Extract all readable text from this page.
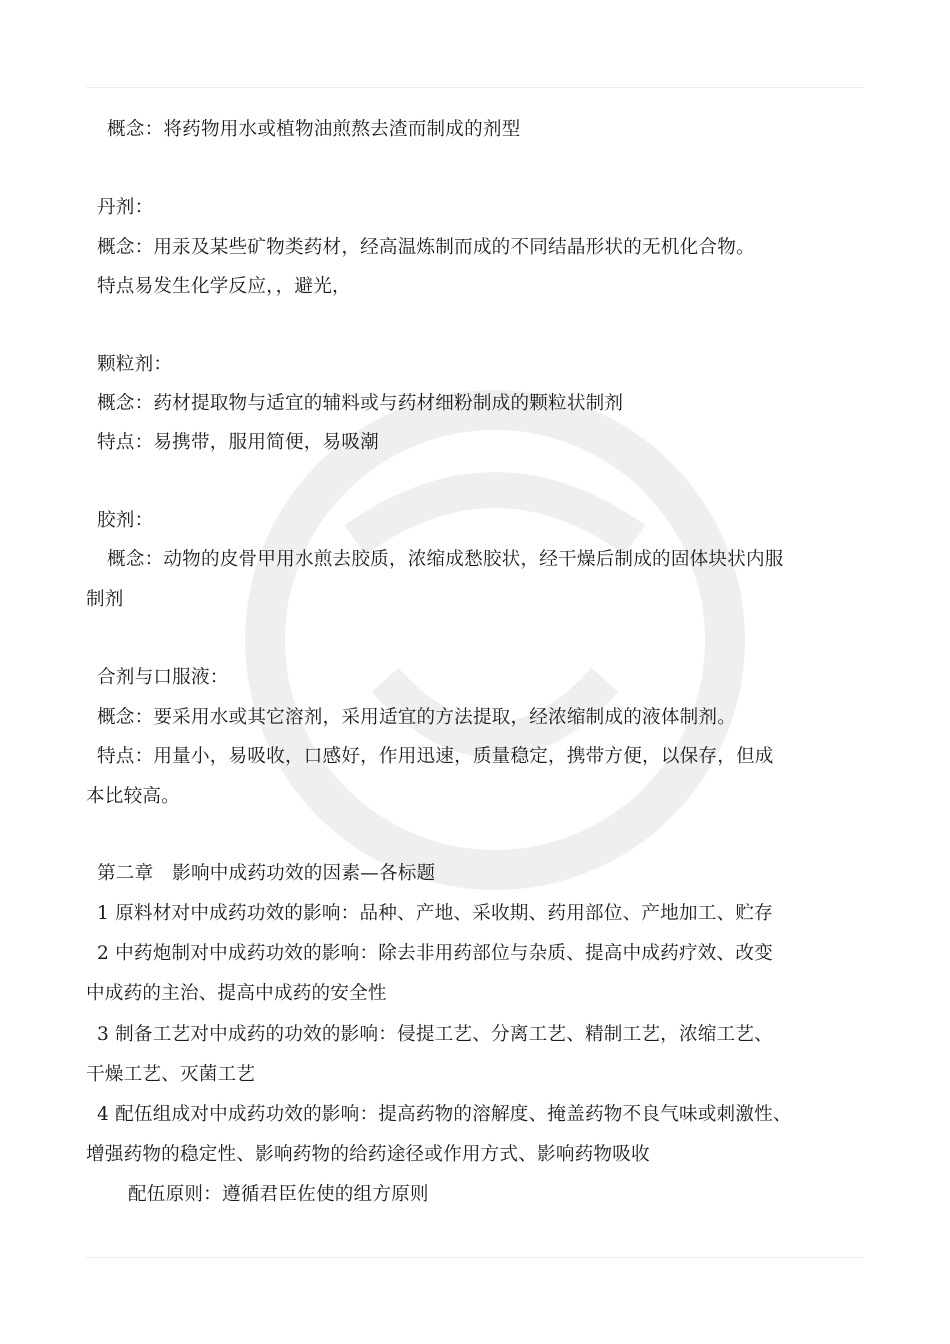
概念：将药物用水或植物油煎熬去渣而制成的剂型
丹剂：
概念：用汞及某些矿物类药材，经高温炼制而成的不同结晶形状的无机化合物。
特点易发生化学反应，，避光，
颗粒剂：
概念：药材提取物与适宜的辅料或与药材细粉制成的颗粒状制剂
特点：易携带，服用简便，易吸潮
胶剂：
概念：动物的皮骨甲用水煎去胶质，浓缩成愁胶状，经干燥后制成的固体块状内服
制剂
合剂与口服液：
概念：要采用水或其它溶剂，采用适宜的方法提取，经浓缩制成的液体制剂。
特点：用量小，易吸收，口感好，作用迅速，质量稳定，携带方便，以保存，但成
本比较高。
第二章　影响中成药功效的因素—各标题
1 原料材对中成药功效的影响：品种、产地、采收期、药用部位、产地加工、贮存
2 中药炮制对中成药功效的影响：除去非用药部位与杂质、提高中成药疗效、改变
中成药的主治、提高中成药的安全性
3 制备工艺对中成药的功效的影响：侵提工艺、分离工艺、精制工艺，浓缩工艺、
干燥工艺、灭菌工艺
4 配伍组成对中成药功效的影响：提高药物的溶解度、掩盖药物不良气味或刺激性、
增强药物的稳定性、影响药物的给药途径或作用方式、影响药物吸收
配伍原则：遵循君臣佐使的组方原则
